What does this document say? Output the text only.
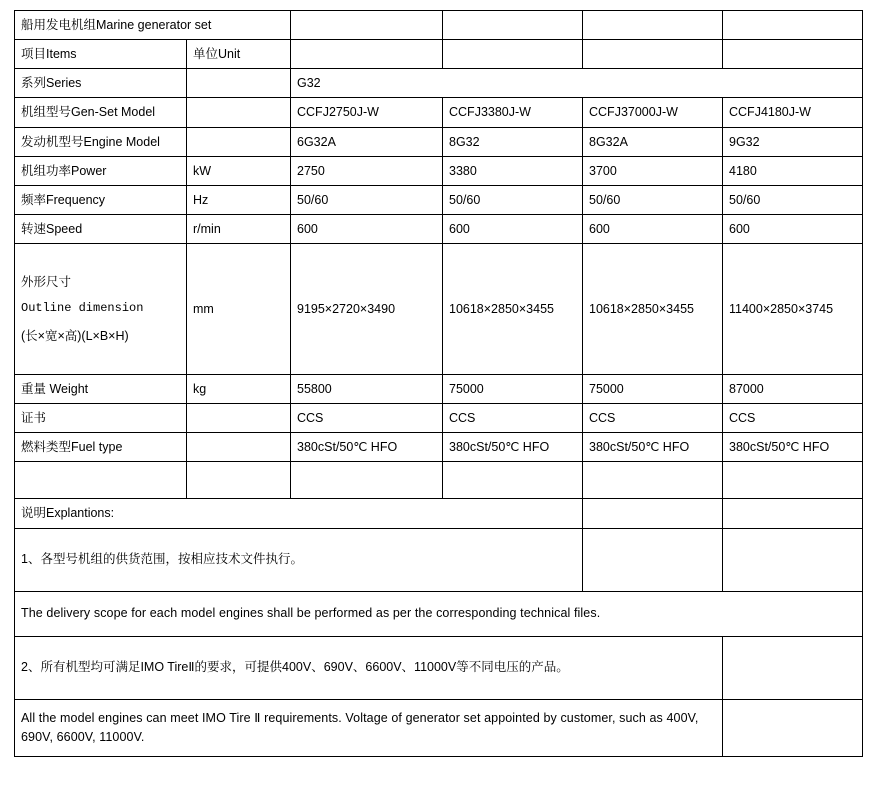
船用发电机组Marine generator set					
项目Items	单位Unit				
系列Series		G32			
机组型号Gen-Set Model		CCFJ2750J-W	CCFJ3380J-W	CCFJ37000J-W	CCFJ4180J-W
发动机型号Engine Model		6G32A	8G32	8G32A	9G32
机组功率Power	kW	2750	3380	3700	4180
频率Frequency	Hz	50/60	50/60	50/60	50/60
转速Speed	r/min	600	600	600	600

外形尺寸
Outline dimension
(长×宽×高)(L×B×H)	mm	9195×2720×3490	10618×2850×3455	10618×2850×3455	11400×2850×3745
重量 Weight	kg	55800	75000	75000	87000
证书		CCS	CCS	CCS	CCS
燃料类型Fuel type		380cSt/50℃ HFO	380cSt/50℃ HFO	380cSt/50℃ HFO	380cSt/50℃ HFO

说明Explantions:					
1、各型号机组的供货范围，按相应技术文件执行。					
The delivery scope for each model engines shall be performed as per the corresponding technical files.					
2、所有机型均可满足IMO TireⅡ的要求，可提供400V、690V、6600V、11000V等不同电压的产品。					
All the model engines can meet IMO Tire Ⅱ requirements. Voltage of generator set appointed by customer, such as 400V, 690V, 6600V, 11000V.					
